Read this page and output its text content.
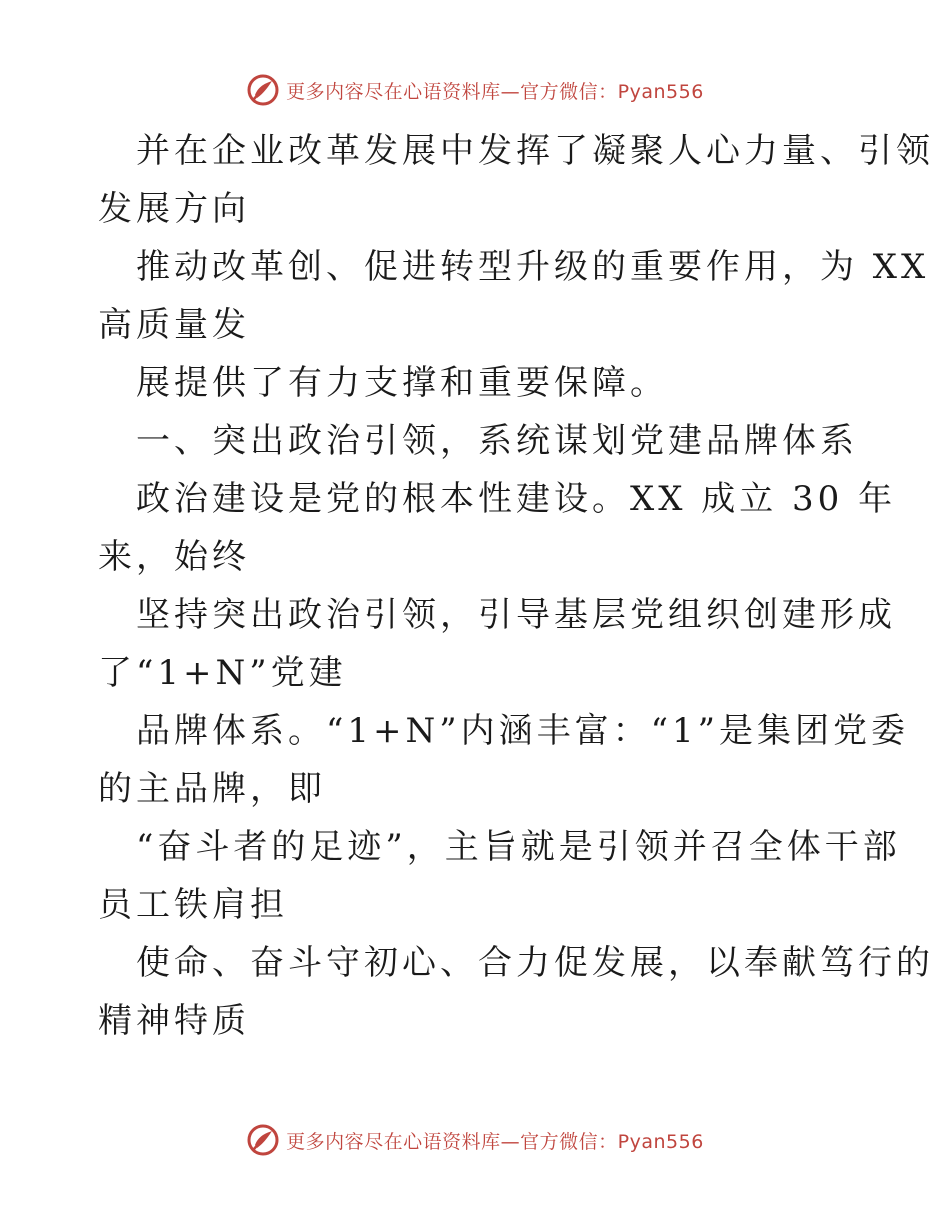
更多内容尽在心语资料库—官方微信：Pyan556
并在企业改革发展中发挥了凝聚人心力量、引领
发展方向
推动改革创、促进转型升级的重要作用，为 XX
高质量发
展提供了有力支撑和重要保障。
一、突出政治引领，系统谋划党建品牌体系
政治建设是党的根本性建设。XX 成立 30 年
来，始终
坚持突出政治引领，引导基层党组织创建形成
了“1+N”党建
品牌体系。“1+N”内涵丰富：“1”是集团党委
的主品牌，即
“奋斗者的足迹”，主旨就是引领并召全体干部
员工铁肩担
使命、奋斗守初心、合力促发展，以奉献笃行的
精神特质
更多内容尽在心语资料库—官方微信：Pyan556
